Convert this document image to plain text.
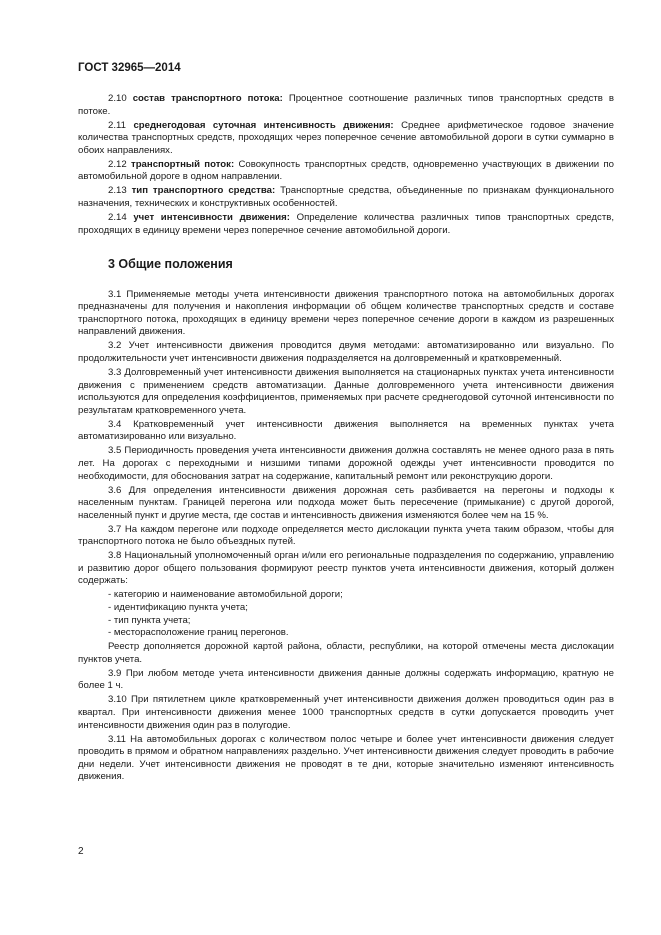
ГОСТ 32965—2014

2.10 состав транспортного потока: Процентное соотношение различных типов транспортных средств в потоке.

2.11 среднегодовая суточная интенсивность движения: Среднее арифметическое годовое значение количества транспортных средств, проходящих через поперечное сечение автомобильной дороги в сутки суммарно в обоих направлениях.

2.12 транспортный поток: Совокупность транспортных средств, одновременно участвующих в движении по автомобильной дороге в одном направлении.

2.13 тип транспортного средства: Транспортные средства, объединенные по признакам функционального назначения, технических и конструктивных особенностей.

2.14 учет интенсивности движения: Определение количества различных типов транспортных средств, проходящих в единицу времени через поперечное сечение автомобильной дороги.

3 Общие положения

3.1 Применяемые методы учета интенсивности движения транспортного потока на автомобильных дорогах предназначены для получения и накопления информации об общем количестве транспортных средств и составе транспортного потока, проходящих в единицу времени через поперечное сечение дороги в каждом из разрешенных направлений движения.

3.2 Учет интенсивности движения проводится двумя методами: автоматизированно или визуально. По продолжительности учет интенсивности движения подразделяется на долговременный и кратковременный.

3.3 Долговременный учет интенсивности движения выполняется на стационарных пунктах учета интенсивности движения с применением средств автоматизации. Данные долговременного учета интенсивности движения используются для определения коэффициентов, применяемых при расчете среднегодовой суточной интенсивности по результатам кратковременного учета.

3.4 Кратковременный учет интенсивности движения выполняется на временных пунктах учета автоматизированно или визуально.

3.5 Периодичность проведения учета интенсивности движения должна составлять не менее одного раза в пять лет. На дорогах с переходными и низшими типами дорожной одежды учет интенсивности проводится по необходимости, для обоснования затрат на содержание, капитальный ремонт или реконструкцию дороги.

3.6 Для определения интенсивности движения дорожная сеть разбивается на перегоны и подходы к населенным пунктам. Границей перегона или подхода может быть пересечение (примыкание) с другой дорогой, населенный пункт и другие места, где состав и интенсивность движения изменяются более чем на 15 %.

3.7 На каждом перегоне или подходе определяется место дислокации пункта учета таким образом, чтобы для транспортного потока не было объездных путей.

3.8 Национальный уполномоченный орган и/или его региональные подразделения по содержанию, управлению и развитию дорог общего пользования формируют реестр пунктов учета интенсивности движения, который должен содержать:

- категорию и наименование автомобильной дороги;
- идентификацию пункта учета;
- тип пункта учета;
- месторасположение границ перегонов.

Реестр дополняется дорожной картой района, области, республики, на которой отмечены места дислокации пунктов учета.

3.9 При любом методе учета интенсивности движения данные должны содержать информацию, кратную не более 1 ч.

3.10 При пятилетнем цикле кратковременный учет интенсивности движения должен проводиться один раз в квартал. При интенсивности движения менее 1000 транспортных средств в сутки допускается проводить учет интенсивности движения один раз в полугодие.

3.11 На автомобильных дорогах с количеством полос четыре и более учет интенсивности движения следует проводить в прямом и обратном направлениях раздельно. Учет интенсивности движения следует проводить в рабочие дни недели. Учет интенсивности движения не проводят в те дни, которые значительно изменяют интенсивность движения.

2
